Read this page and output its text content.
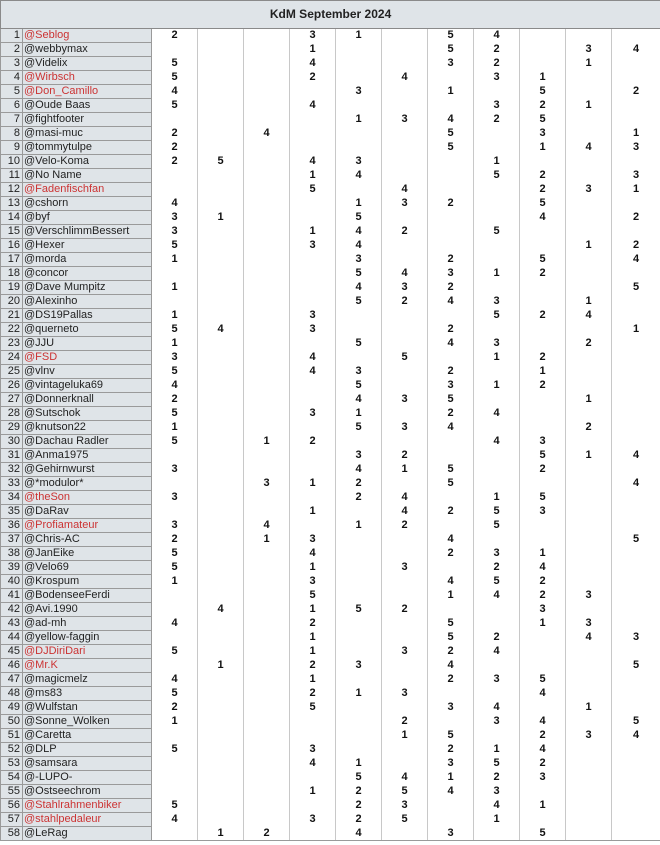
KdM September 2024												
1	@Seblog	2			3	1		5	4			
2	@webbymax				1			5	2		3	4
3	@Videlix	5			4			3	2		1	
4	@Wirbsch	5			2		4		3	1		
5	@Don_Camillo	4				3		1		5		2
6	@Oude Baas	5			4				3	2	1	
7	@fightfooter					1	3	4	2	5		
8	@masi-muc	2		4				5		3		1
9	@tommytulpe	2						5		1	4	3
10	@Velo-Koma	2	5		4	3			1			
11	@No Name				1	4			5	2		3
12	@Fadenfischfan				5		4			2	3	1
13	@cshorn	4				1	3	2		5		
14	@byf	3	1			5				4		2
15	@VerschlimmBessert	3			1	4	2		5			
16	@Hexer	5			3	4					1	2
17	@morda	1				3		2		5		4
18	@concor					5	4	3	1	2		
19	@Dave Mumpitz	1				4	3	2				5
20	@Alexinho					5	2	4	3		1	
21	@DS19Pallas	1			3				5	2	4	
22	@querneto	5	4		3			2				1
23	@JJU	1				5		4	3		2	
24	@FSD	3			4		5		1	2		
25	@vlnv	5			4	3		2		1		
26	@vintageluka69	4				5		3	1	2		
27	@Donnerknall	2				4	3	5			1	
28	@Sutschok	5			3	1		2	4			
29	@knutson22	1				5	3	4			2	
30	@Dachau Radler	5		1	2				4	3		
31	@Anma1975					3	2			5	1	4
32	@Gehirnwurst	3				4	1	5		2		
33	@*modulor*			3	1	2		5				4
34	@theSon	3				2	4		1	5		
35	@DaRav				1		4	2	5	3		
36	@Profiamateur	3		4		1	2		5			
37	@Chris-AC	2		1	3			4				5
38	@JanEike	5			4			2	3	1		
39	@Velo69	5			1		3		2	4		
40	@Krospum	1			3			4	5	2		
41	@BodenseeFerdi				5			1	4	2	3	
42	@Avi.1990		4		1	5	2			3		
43	@ad-mh	4			2			5		1	3	
44	@yellow-faggin				1			5	2		4	3
45	@DJDiriDari	5			1		3	2	4			
46	@Mr.K		1		2	3		4				5
47	@magicmelz	4			1			2	3	5		
48	@ms83	5			2	1	3			4		
49	@Wulfstan	2			5			3	4		1	
50	@Sonne_Wolken	1					2		3	4		5
51	@Caretta						1	5		2	3	4
52	@DLP	5			3			2	1	4		
53	@samsara				4	1		3	5	2		
54	@-LUPO-					5	4	1	2	3		
55	@Ostseechrom				1	2	5	4	3			
56	@Stahlrahmenbiker	5				2	3		4	1		
57	@stahlpedaleur	4			3	2	5		1			
58	@LeRag		1	2		4		3		5		
